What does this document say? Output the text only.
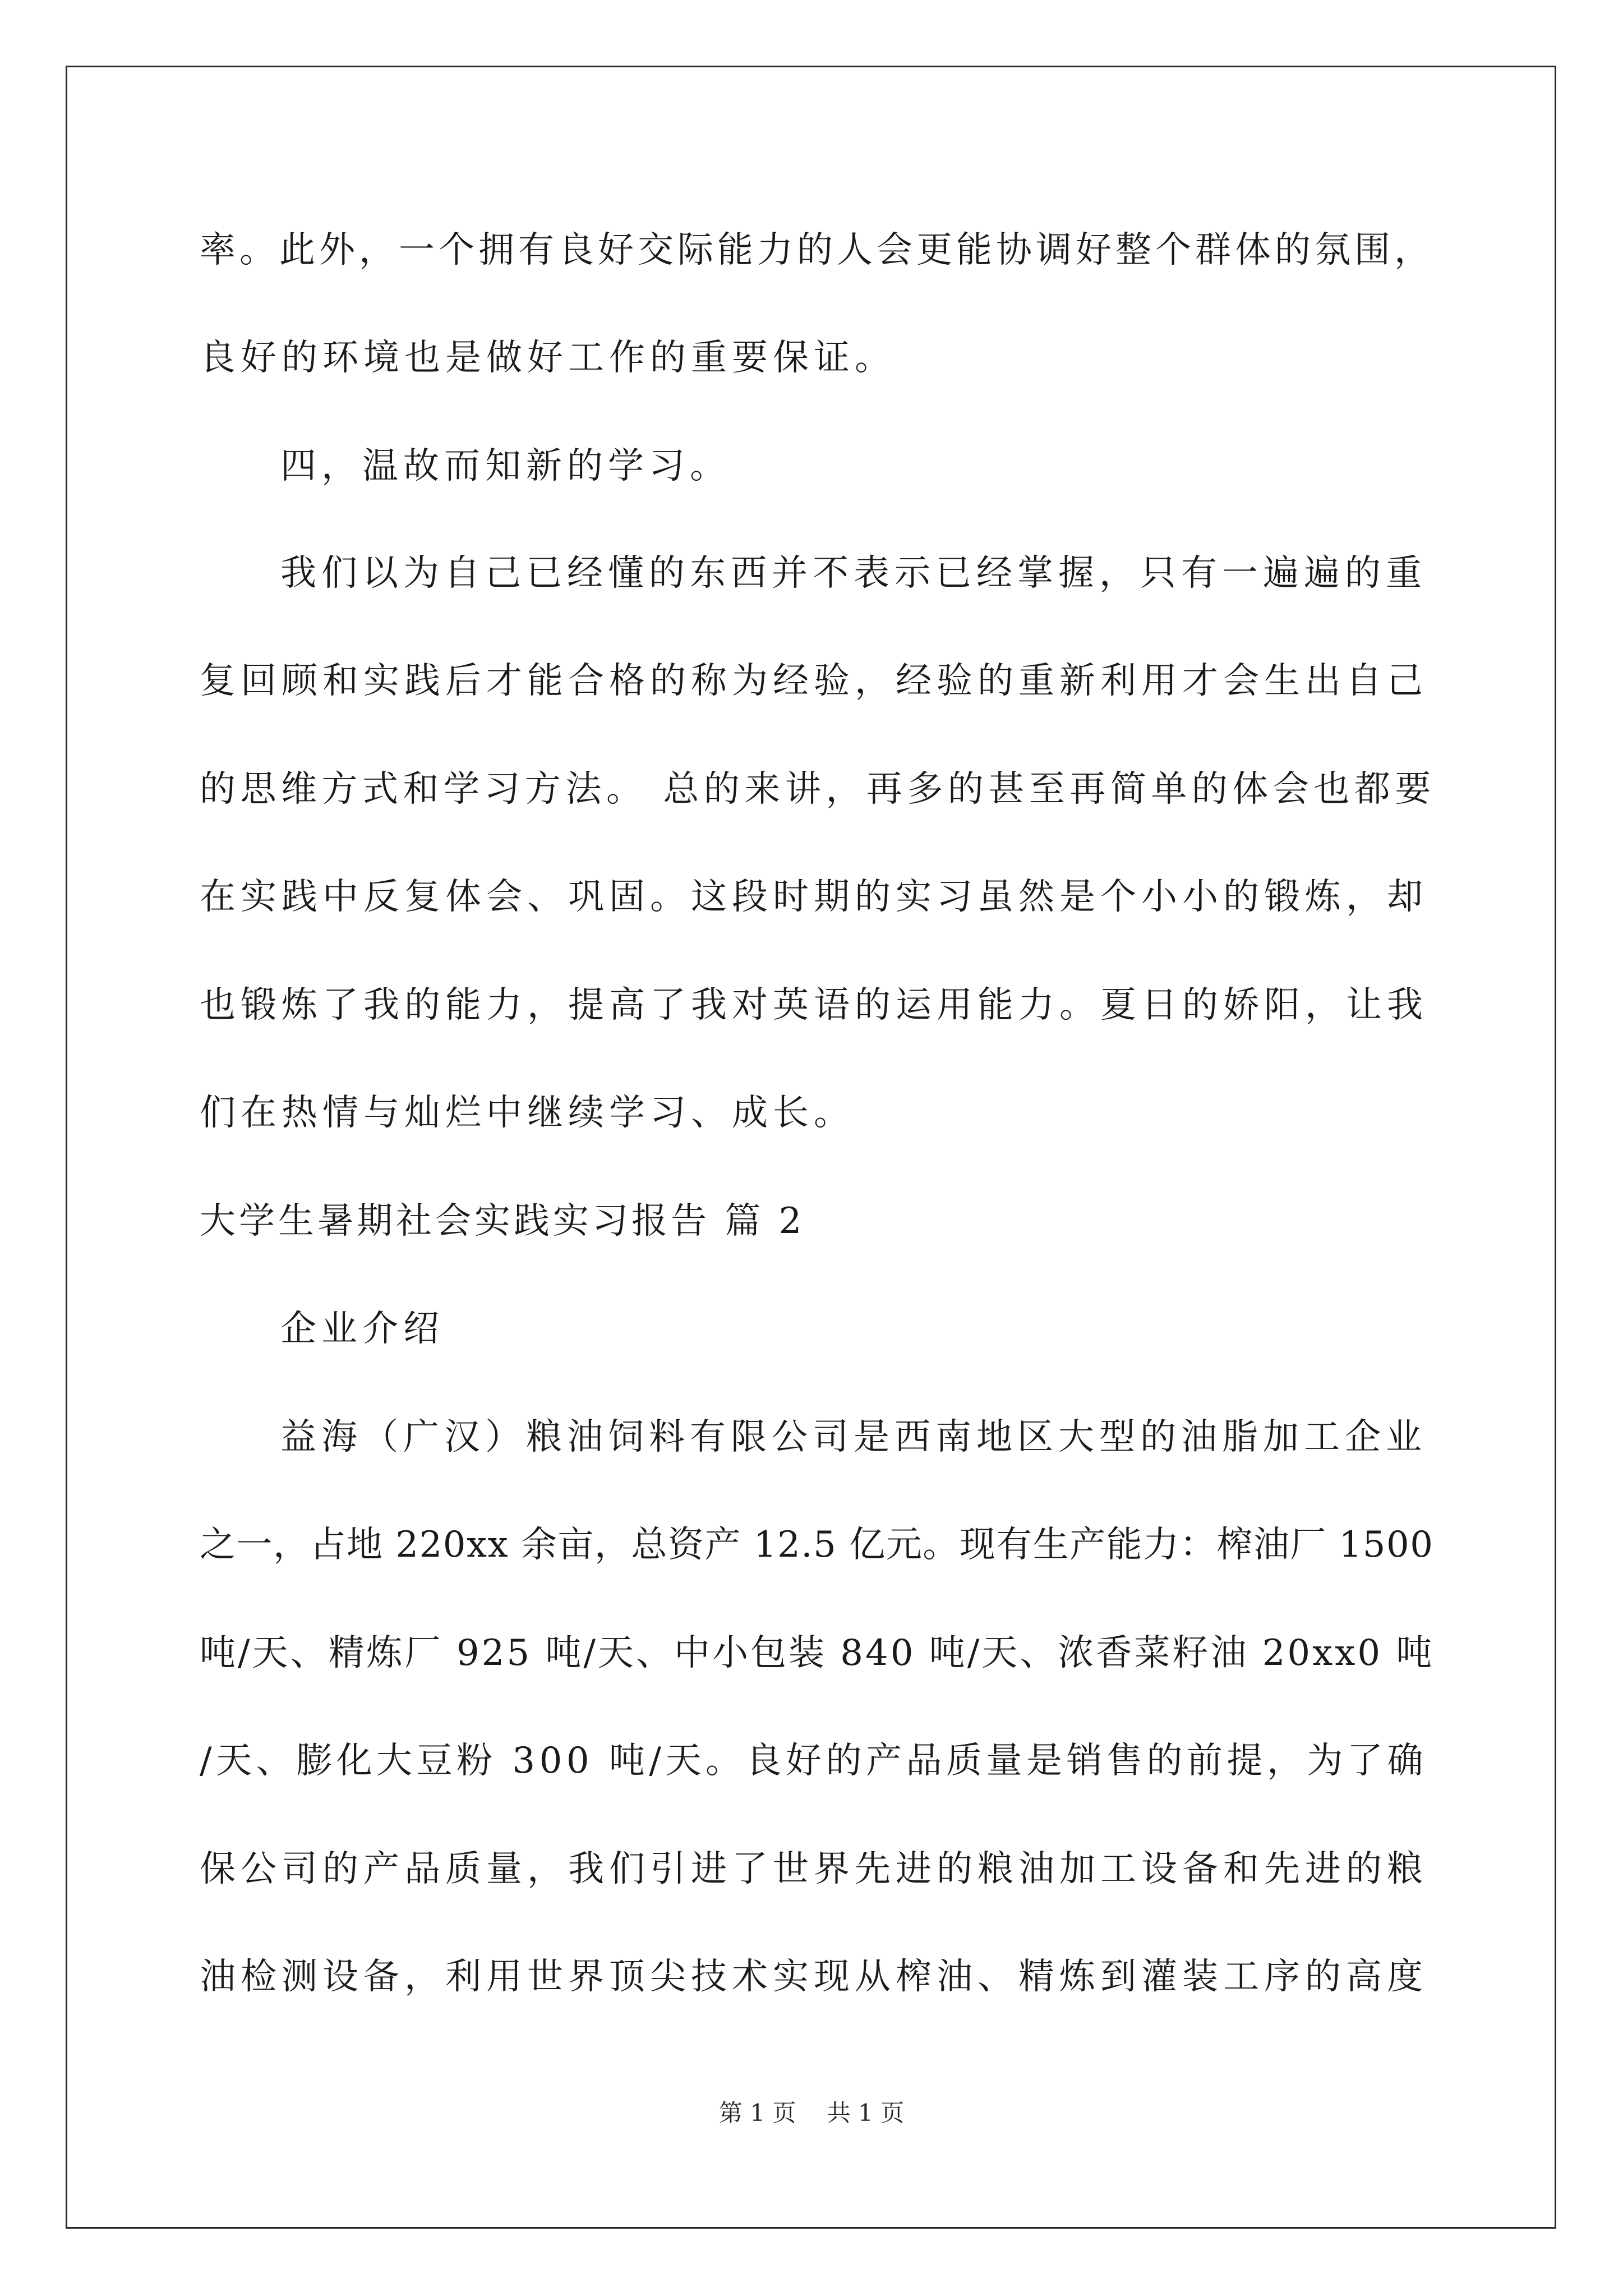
率。此外，一个拥有良好交际能力的人会更能协调好整个群体的氛围，
良好的环境也是做好工作的重要保证。
四，温故而知新的学习。
我们以为自己已经懂的东西并不表示已经掌握，只有一遍遍的重
复回顾和实践后才能合格的称为经验，经验的重新利用才会生出自己
的思维方式和学习方法。 总的来讲，再多的甚至再简单的体会也都要
在实践中反复体会、巩固。这段时期的实习虽然是个小小的锻炼，却
也锻炼了我的能力，提高了我对英语的运用能力。夏日的娇阳，让我
们在热情与灿烂中继续学习、成长。
大学生暑期社会实践实习报告 篇 2
企业介绍
益海（广汉）粮油饲料有限公司是西南地区大型的油脂加工企业
之一，占地 220xx 余亩，总资产 12.5 亿元。现有生产能力：榨油厂 1500
吨/天、精炼厂 925 吨/天、中小包装 840 吨/天、浓香菜籽油 20xx0 吨
/天、膨化大豆粉 300 吨/天。良好的产品质量是销售的前提，为了确
保公司的产品质量，我们引进了世界先进的粮油加工设备和先进的粮
油检测设备，利用世界顶尖技术实现从榨油、精炼到灌装工序的高度
第 1 页　 共 1 页
